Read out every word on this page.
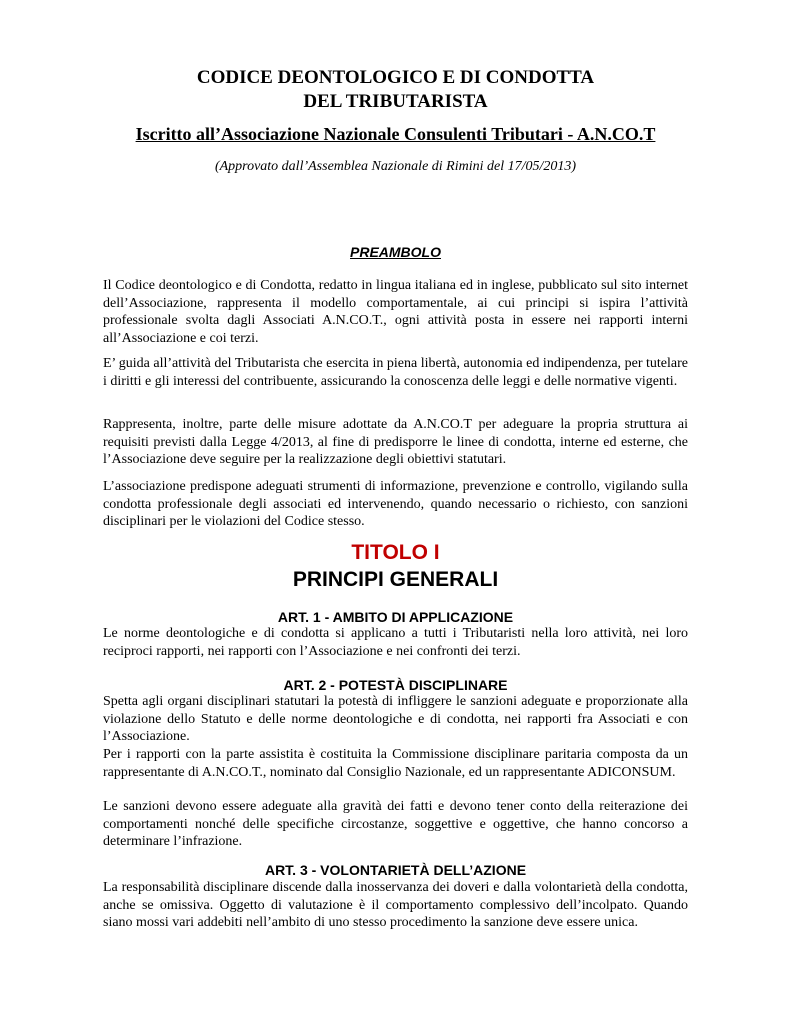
CODICE DEONTOLOGICO E DI CONDOTTA
DEL TRIBUTARISTA

Iscritto all’Associazione Nazionale Consulenti Tributari - A.N.CO.T

(Approvato dall’Assemblea Nazionale di Rimini del 17/05/2013)

PREAMBOLO

Il Codice deontologico e di Condotta, redatto in lingua italiana ed in inglese, pubblicato sul sito internet dell’Associazione, rappresenta il modello comportamentale, ai cui principi si ispira l’attività professionale svolta dagli Associati A.N.CO.T., ogni attività posta in essere nei rapporti interni all’Associazione e coi terzi.

E’ guida all’attività del Tributarista che esercita in piena libertà, autonomia ed indipendenza, per tutelare i diritti e gli interessi del contribuente, assicurando la conoscenza delle leggi e delle normative vigenti.

Rappresenta, inoltre, parte delle misure adottate da A.N.CO.T per adeguare la propria struttura ai requisiti previsti dalla Legge 4/2013, al fine di predisporre le linee di condotta, interne ed esterne, che l’Associazione deve seguire per la realizzazione degli obiettivi statutari.

L’associazione predispone adeguati strumenti di informazione, prevenzione e controllo, vigilando sulla condotta professionale degli associati ed intervenendo, quando necessario o richiesto, con sanzioni disciplinari per le violazioni del Codice stesso.

TITOLO I
PRINCIPI GENERALI
ART. 1 - AMBITO DI APPLICAZIONE

Le norme deontologiche e di condotta si applicano a tutti i Tributaristi nella loro attività, nei loro reciproci rapporti, nei rapporti con l’Associazione e nei confronti dei terzi.

ART. 2 - POTESTÀ DISCIPLINARE

Spetta agli organi disciplinari statutari la potestà di infliggere le sanzioni adeguate e proporzionate alla violazione dello Statuto e delle norme deontologiche e di condotta, nei rapporti fra Associati e con l’Associazione.

Per i rapporti con la parte assistita è costituita la Commissione disciplinare paritaria composta da un rappresentante di A.N.CO.T., nominato dal Consiglio Nazionale, ed un rappresentante ADICONSUM.

Le sanzioni devono essere adeguate alla gravità dei fatti e devono tener conto della reiterazione dei comportamenti nonché delle specifiche circostanze, soggettive e oggettive, che hanno concorso a determinare l’infrazione.

ART. 3 - VOLONTARIETÀ DELL’AZIONE

La responsabilità disciplinare discende dalla inosservanza dei doveri e dalla volontarietà della condotta, anche se omissiva. Oggetto di valutazione è il comportamento complessivo dell’incolpato. Quando siano mossi vari addebiti nell’ambito di uno stesso procedimento la sanzione deve essere unica.
